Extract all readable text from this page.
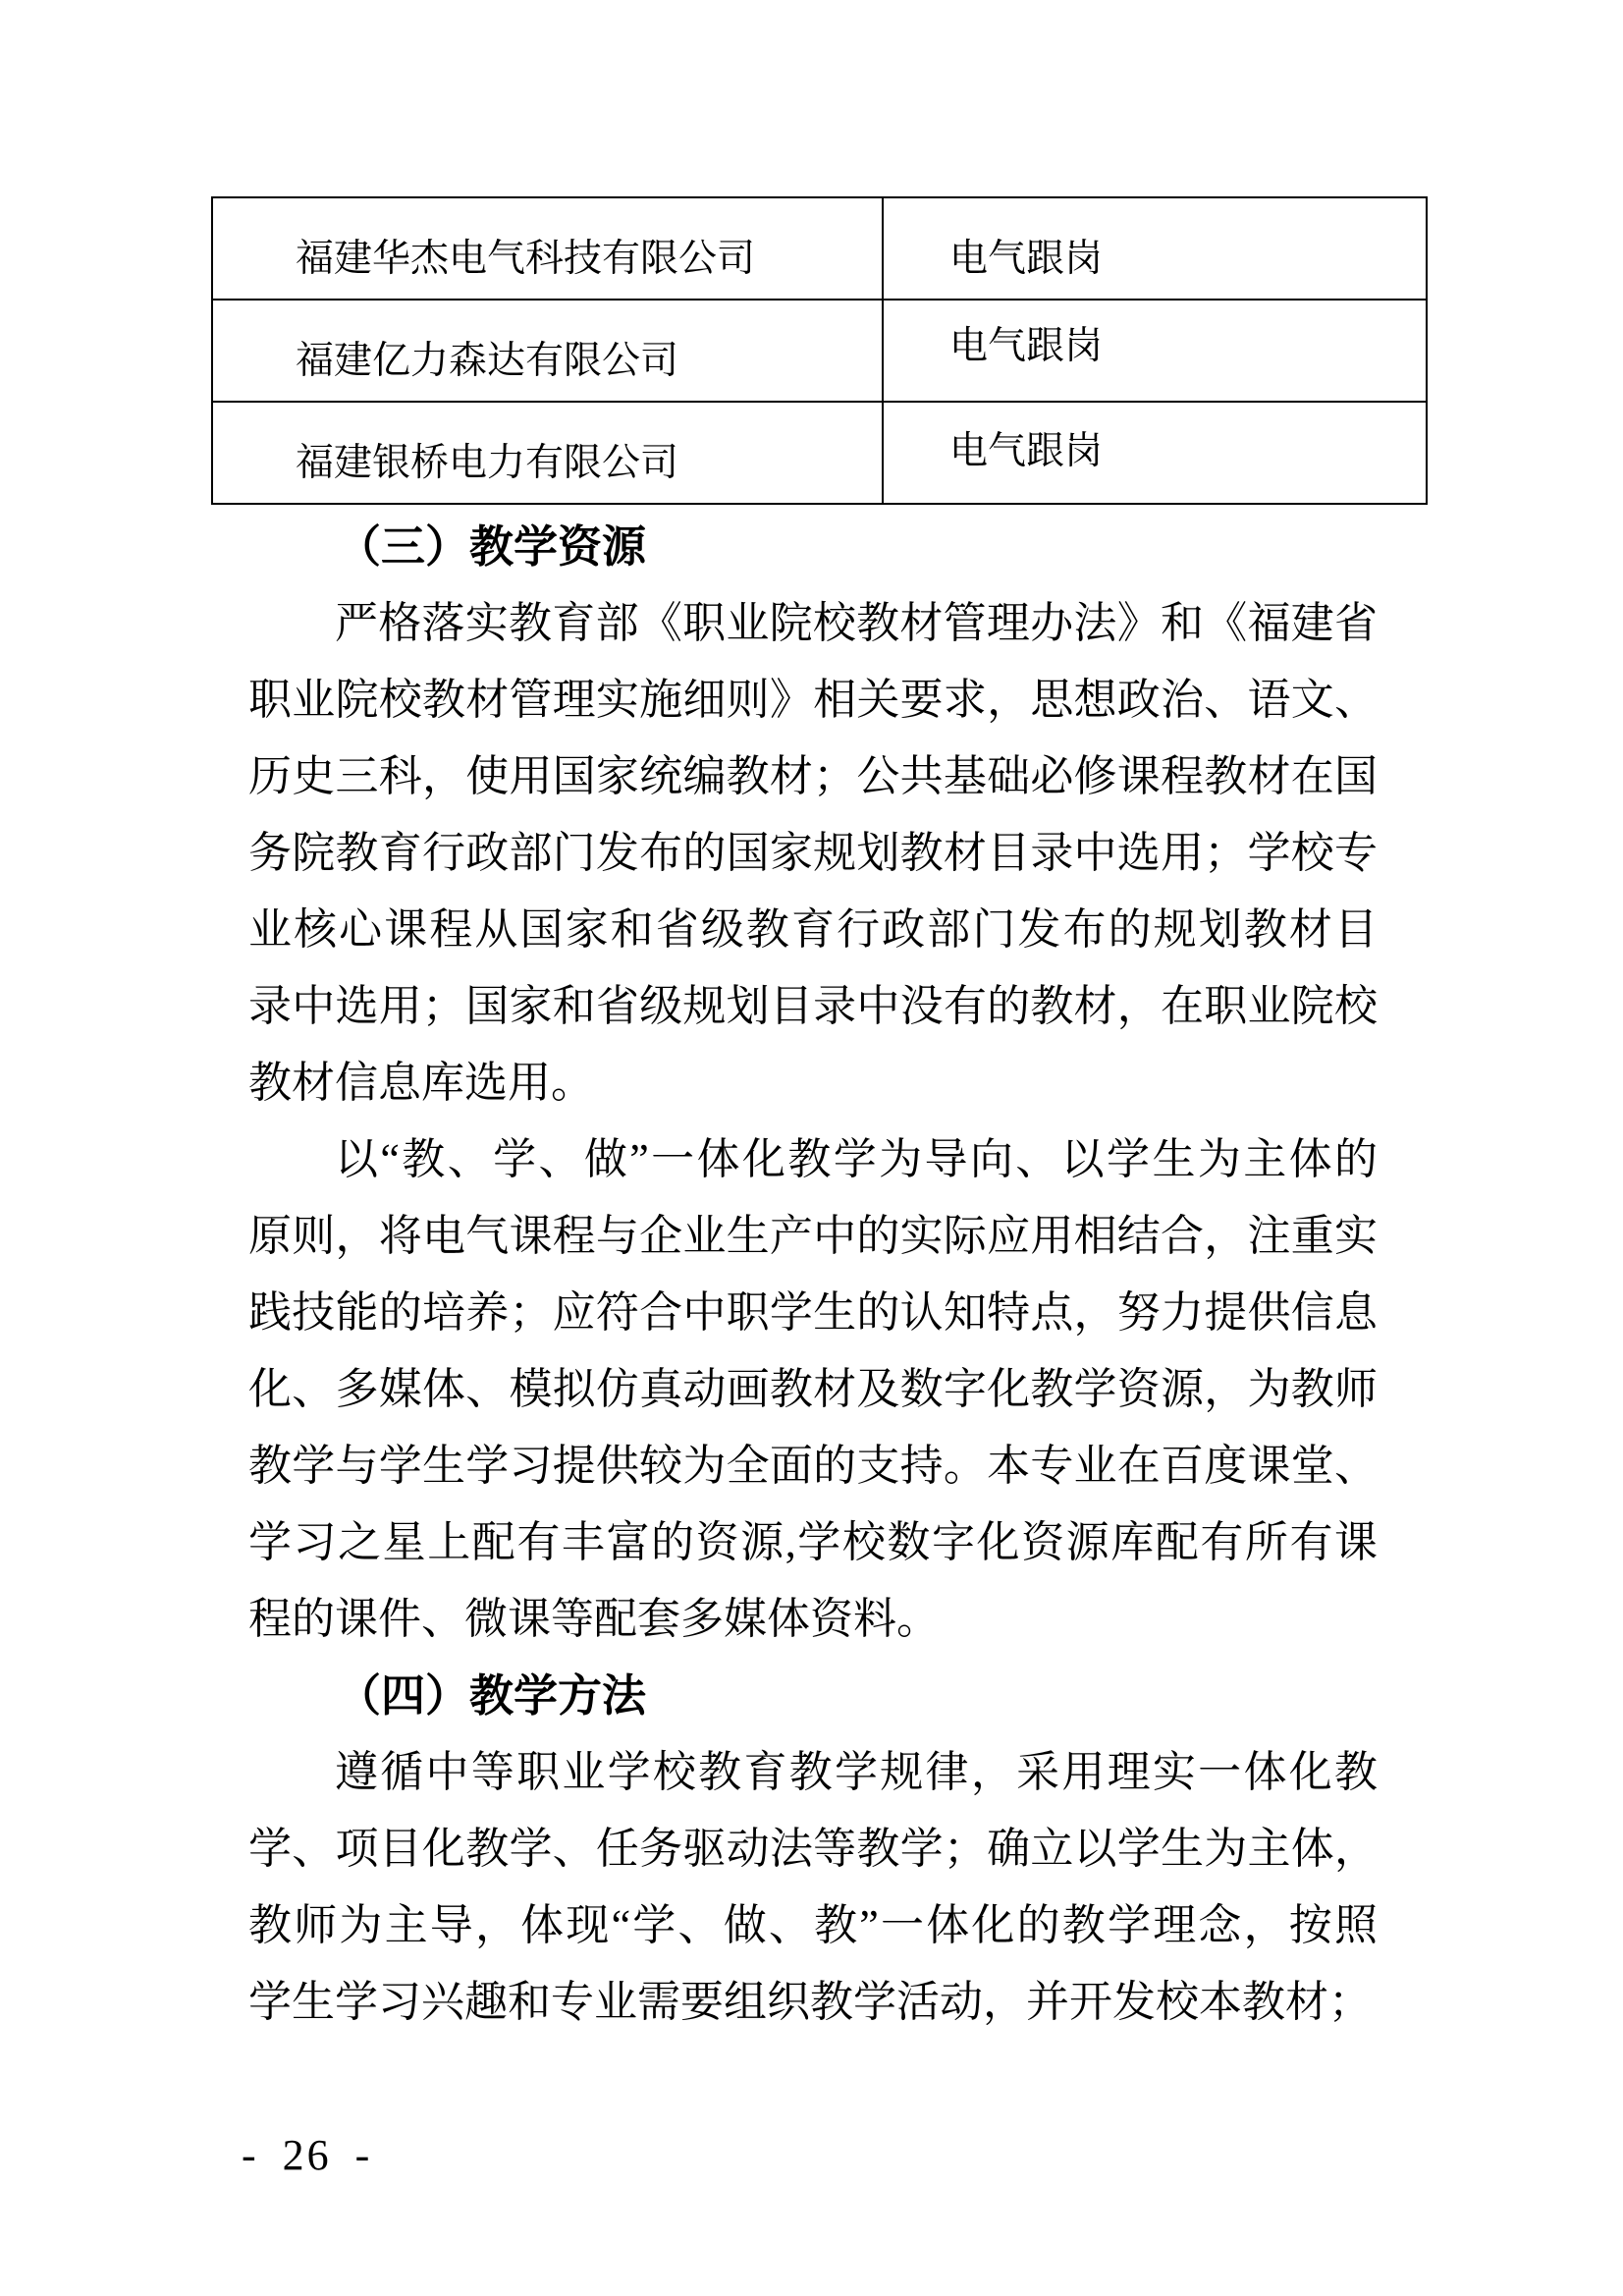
福建华杰电气科技有限公司	电气跟岗
福建亿力森达有限公司	电气跟岗
福建银桥电力有限公司	电气跟岗
（三）教学资源
严格落实教育部《职业院校教材管理办法》和《福建省
职业院校教材管理实施细则》相关要求，思想政治、语文、
历史三科，使用国家统编教材；公共基础必修课程教材在国
务院教育行政部门发布的国家规划教材目录中选用；学校专
业核心课程从国家和省级教育行政部门发布的规划教材目
录中选用；国家和省级规划目录中没有的教材，在职业院校
教材信息库选用。
以“教、学、做”一体化教学为导向、以学生为主体的
原则，将电气课程与企业生产中的实际应用相结合，注重实
践技能的培养；应符合中职学生的认知特点，努力提供信息
化、多媒体、模拟仿真动画教材及数字化教学资源，为教师
教学与学生学习提供较为全面的支持。本专业在百度课堂、
学习之星上配有丰富的资源,学校数字化资源库配有所有课
程的课件、微课等配套多媒体资料。
（四）教学方法
遵循中等职业学校教育教学规律，采用理实一体化教
学、项目化教学、任务驱动法等教学；确立以学生为主体，
教师为主导，体现“学、做、教”一体化的教学理念，按照
学生学习兴趣和专业需要组织教学活动，并开发校本教材；
- 26 -
